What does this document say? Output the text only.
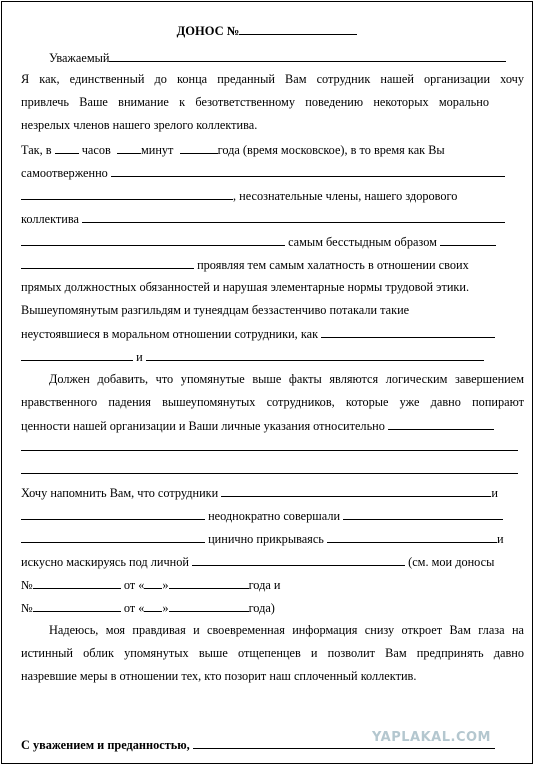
ДОНОС №
Уважаемый
Я как, единственный до конца преданный Вам сотрудник нашей организации хочу
привлечь Ваше внимание к безответственному поведению некоторых морально
незрелых членов нашего зрелого коллектива.
Так, в часов минут	года (время московское), в то время как Вы
самоотверженно
, несознательные члены, нашего здорового
коллектива
самым бесстыдным образом
проявляя тем самым халатность в отношении своих
прямых должностных обязанностей и нарушая элементарные нормы трудовой этики.
Вышеупомянутым разгильдям и тунеядцам беззастенчиво потакали такие
неустоявшиеся в моральном отношении сотрудники, как
и
Должен добавить, что упомянутые выше факты являются логическим завершением
нравственного падения вышеупомянутых сотрудников, которые уже давно попирают
ценности нашей организации и Ваши личные указания относительно
Хочу напомнить Вам, что сотрудники	и
неоднократно совершали
цинично прикрываясь	и
искусно маскируясь под личной	(см. мои доносы
№	от « »	года и
№	от « »	года)
Надеюсь, моя правдивая и своевременная информация снизу откроет Вам глаза на
истинный облик упомянутых выше отщепенцев и позволит Вам предпринять давно
назревшие меры в отношении тех, кто позорит наш сплоченный коллектив.
С уважением и преданностью,	YAPLAKAL.COM
